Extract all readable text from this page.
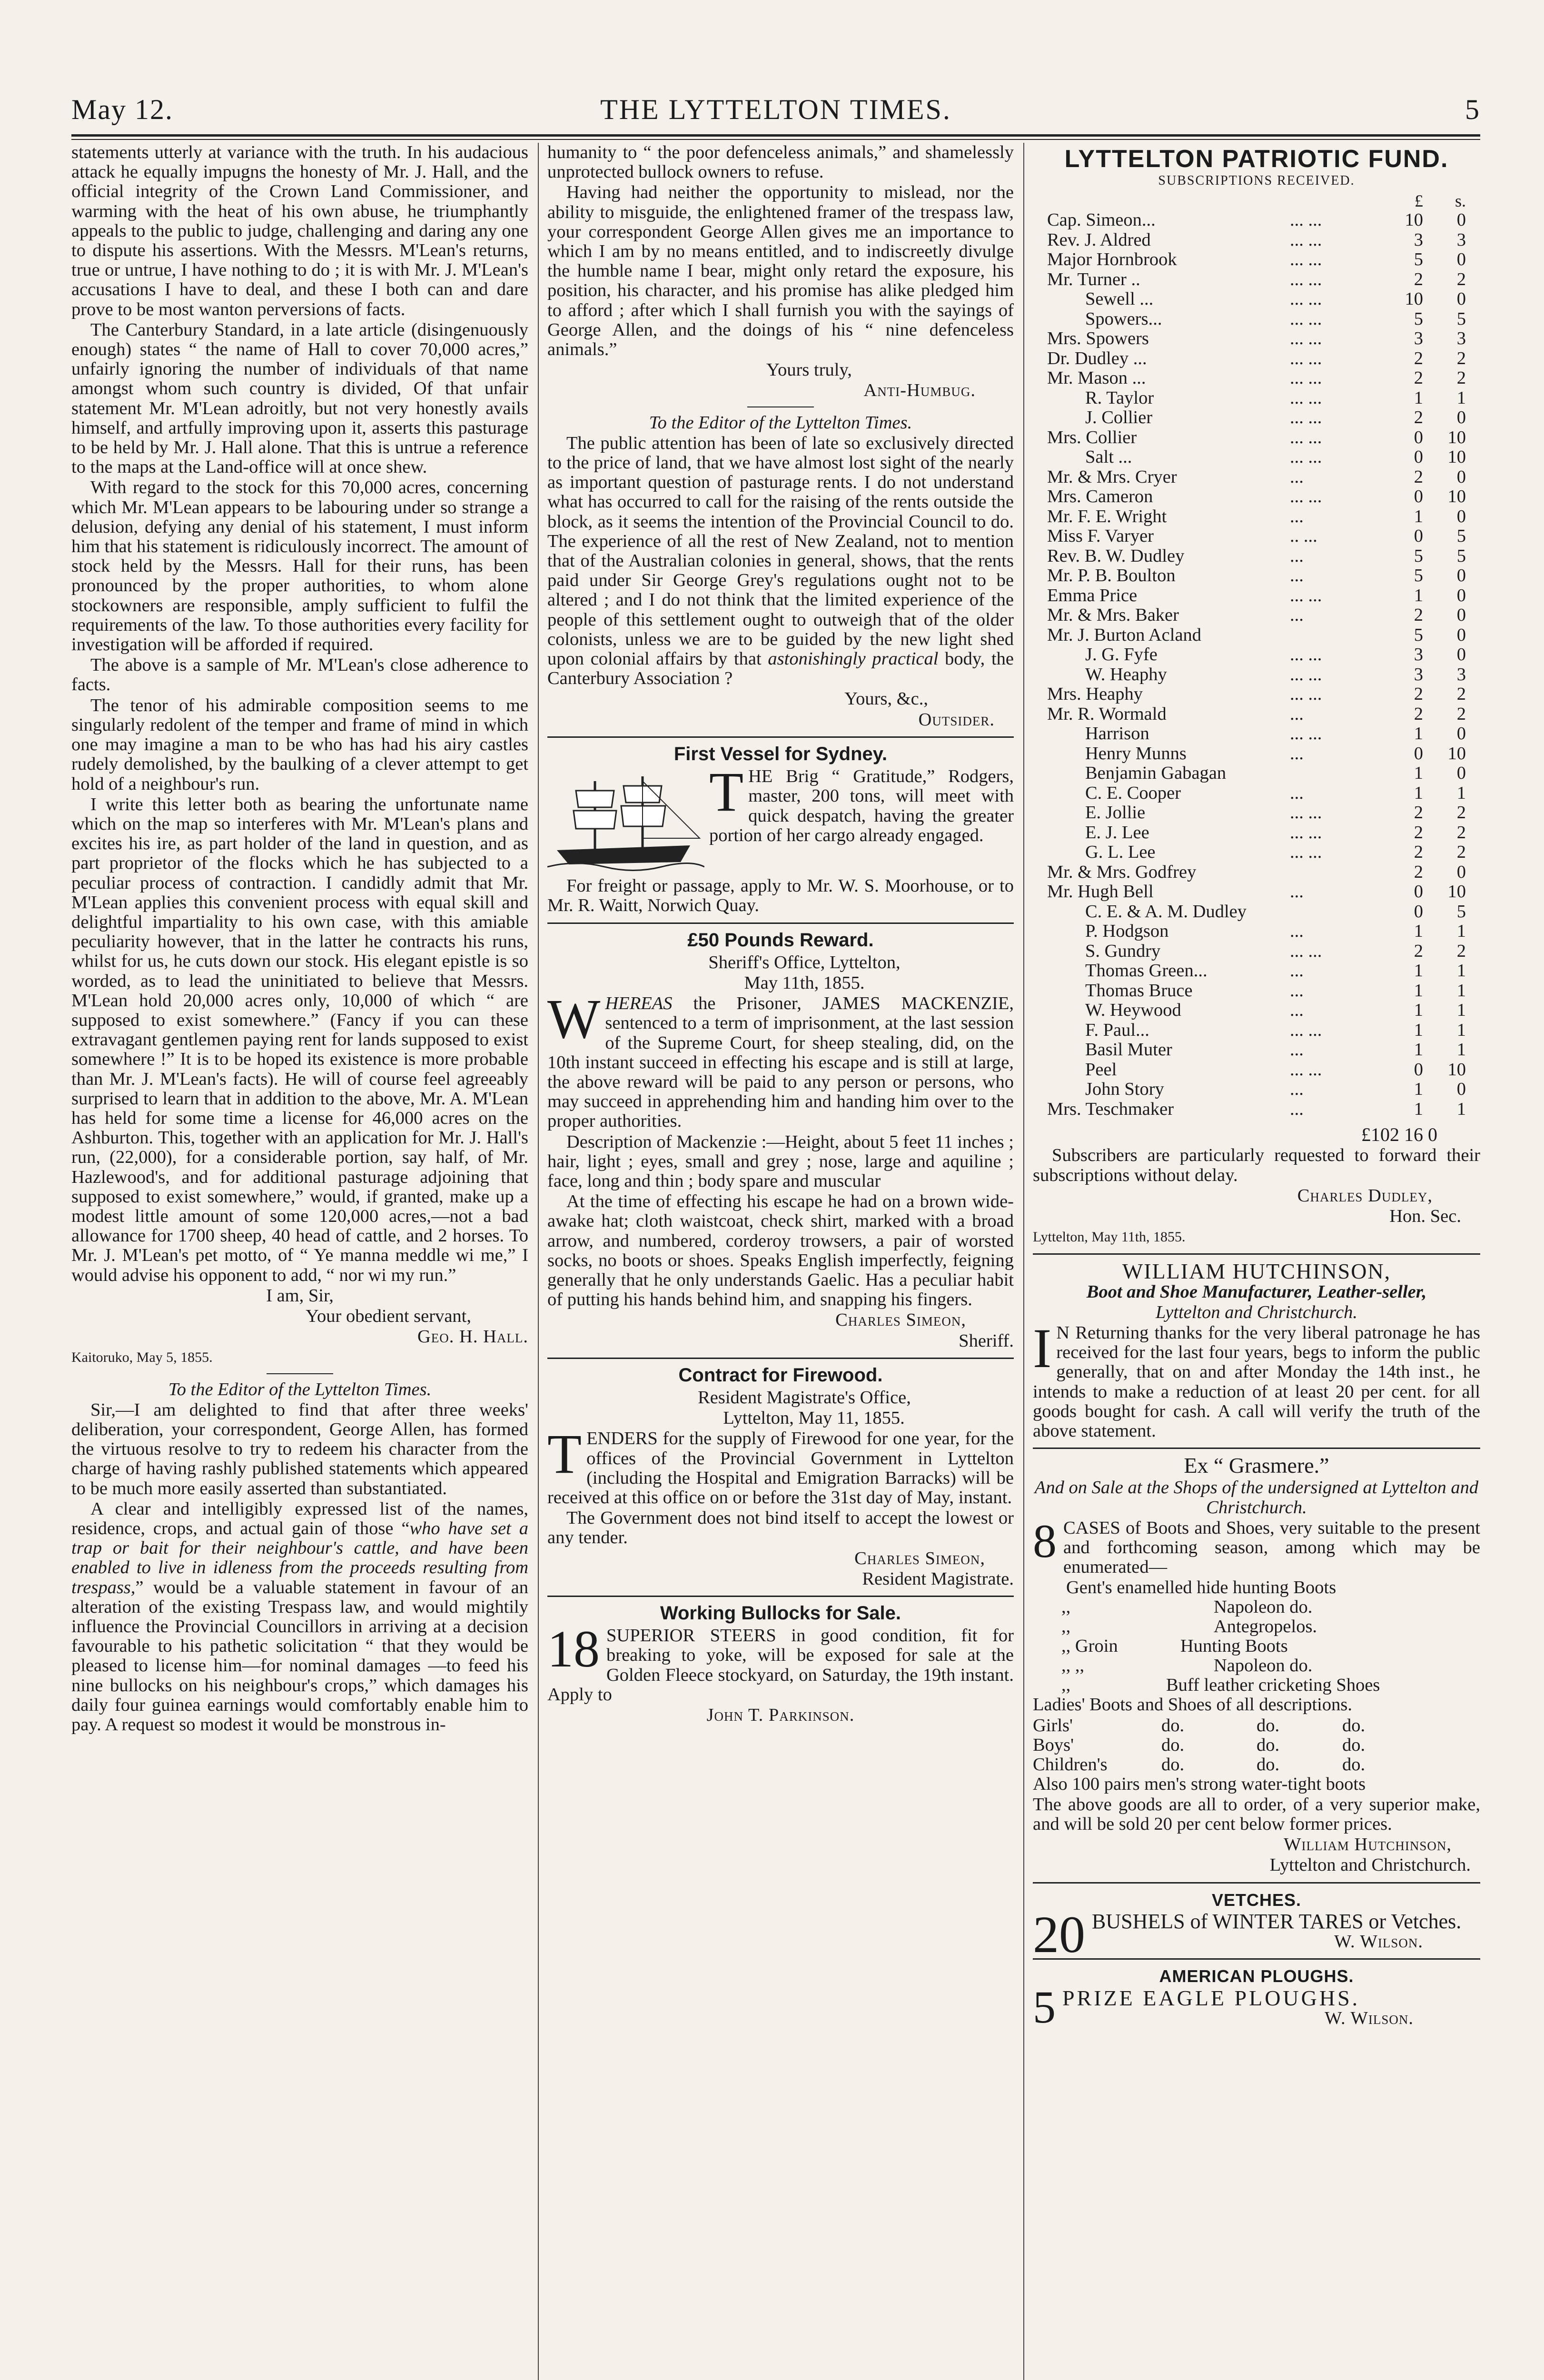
THE LYTTELTON TIMES.
May 12.	5

statements utterly at variance with the truth. In his audacious attack he equally impugns the honesty of Mr. J. Hall, and the official integrity of the Crown Land Commissioner, and warming with the heat of his own abuse, he triumphantly appeals to the public to judge, challenging and daring any one to dispute his assertions. With the Messrs. M'Lean's returns, true or untrue, I have nothing to do ; it is with Mr. J. M'Lean's accusations I have to deal, and these I both can and dare prove to be most wanton perversions of facts.

The Canterbury Standard, in a late article (disingenuously enough) states “ the name of Hall to cover 70,000 acres,” unfairly ignoring the number of individuals of that name amongst whom such country is divided, Of that unfair statement Mr. M'Lean adroitly, but not very honestly avails himself, and artfully improving upon it, asserts this pasturage to be held by Mr. J. Hall alone. That this is untrue a reference to the maps at the Land-office will at once shew.

With regard to the stock for this 70,000 acres, concerning which Mr. M'Lean appears to be labouring under so strange a delusion, defying any denial of his statement, I must inform him that his statement is ridiculously incorrect. The amount of stock held by the Messrs. Hall for their runs, has been pronounced by the proper authorities, to whom alone stockowners are responsible, amply sufficient to fulfil the requirements of the law. To those authorities every facility for investigation will be afforded if required.

The above is a sample of Mr. M'Lean's close adherence to facts.

The tenor of his admirable composition seems to me singularly redolent of the temper and frame of mind in which one may imagine a man to be who has had his airy castles rudely demolished, by the baulking of a clever attempt to get hold of a neighbour's run.

I write this letter both as bearing the unfortunate name which on the map so interferes with Mr. M'Lean's plans and excites his ire, as part holder of the land in question, and as part proprietor of the flocks which he has subjected to a peculiar process of contraction. I candidly admit that Mr. M'Lean applies this convenient process with equal skill and delightful impartiality to his own case, with this amiable peculiarity however, that in the latter he contracts his runs, whilst for us, he cuts down our stock. His elegant epistle is so worded, as to lead the uninitiated to believe that Messrs. M'Lean hold 20,000 acres only, 10,000 of which “ are supposed to exist somewhere.” (Fancy if you can these extravagant gentlemen paying rent for lands supposed to exist somewhere !” It is to be hoped its existence is more probable than Mr. J. M'Lean's facts). He will of course feel agreeably surprised to learn that in addition to the above, Mr. A. M'Lean has held for some time a license for 46,000 acres on the Ashburton. This, together with an application for Mr. J. Hall's run, (22,000), for a considerable portion, say half, of Mr. Hazlewood's, and for additional pasturage adjoining that supposed to exist somewhere,” would, if granted, make up a modest little amount of some 120,000 acres,—not a bad allowance for 1700 sheep, 40 head of cattle, and 2 horses. To Mr. J. M'Lean's pet motto, of “ Ye manna meddle wi me,” I would advise his opponent to add, “ nor wi my run.”

I am, Sir,

Your obedient servant,

Geo. H. Hall.

Kaitoruko, May 5, 1855.

To the Editor of the Lyttelton Times.

Sir,—I am delighted to find that after three weeks' deliberation, your correspondent, George Allen, has formed the virtuous resolve to try to redeem his character from the charge of having rashly published statements which appeared to be much more easily asserted than substantiated.

A clear and intelligibly expressed list of the names, residence, crops, and actual gain of those “who have set a trap or bait for their neighbour's cattle, and have been enabled to live in idleness from the proceeds resulting from trespass,” would be a valuable statement in favour of an alteration of the existing Trespass law, and would mightily influence the Provincial Councillors in arriving at a decision favourable to his pathetic solicitation “ that they would be pleased to license him—for nominal damages —to feed his nine bullocks on his neighbour's crops,” which damages his daily four guinea earnings would comfortably enable him to pay. A request so modest it would be monstrous in-

humanity to “ the poor defenceless animals,” and shamelessly unprotected bullock owners to refuse.

Having had neither the opportunity to mislead, nor the ability to misguide, the enlightened framer of the trespass law, your correspondent George Allen gives me an importance to which I am by no means entitled, and to indiscreetly divulge the humble name I bear, might only retard the exposure, his position, his character, and his promise has alike pledged him to afford ; after which I shall furnish you with the sayings of George Allen, and the doings of his “ nine defenceless animals.”

Yours truly,

Anti-Humbug.

To the Editor of the Lyttelton Times.

The public attention has been of late so exclusively directed to the price of land, that we have almost lost sight of the nearly as important question of pasturage rents. I do not understand what has occurred to call for the raising of the rents outside the block, as it seems the intention of the Provincial Council to do. The experience of all the rest of New Zealand, not to mention that of the Australian colonies in general, shows, that the rents paid under Sir George Grey's regulations ought not to be altered ; and I do not think that the limited experience of the people of this settlement ought to outweigh that of the older colonists, unless we are to be guided by the new light shed upon colonial affairs by that astonishingly practical body, the Canterbury Association ?

Yours, &c.,

Outsider.

First Vessel for Sydney.
T HE Brig “ Gratitude,” Rodgers, master, 200 tons, will meet with quick despatch, having the greater portion of her cargo already engaged.

For freight or passage, apply to Mr. W. S. Moorhouse, or to Mr. R. Waitt, Norwich Quay.

£50 Pounds Reward.

Sheriff's Office, Lyttelton,

May 11th, 1855.

W HEREAS the Prisoner, JAMES MACKENZIE, sentenced to a term of imprisonment, at the last session of the Supreme Court, for sheep stealing, did, on the 10th instant succeed in effecting his escape and is still at large, the above reward will be paid to any person or persons, who may succeed in apprehending him and handing him over to the proper authorities.

Description of Mackenzie :—Height, about 5 feet 11 inches ; hair, light ; eyes, small and grey ; nose, large and aquiline ; face, long and thin ; body spare and muscular

At the time of effecting his escape he had on a brown wide-awake hat; cloth waistcoat, check shirt, marked with a broad arrow, and numbered, corderoy trowsers, a pair of worsted socks, no boots or shoes. Speaks English imperfectly, feigning generally that he only understands Gaelic. Has a peculiar habit of putting his hands behind him, and snapping his fingers.

Charles Simeon,

Sheriff.

Contract for Firewood.

Resident Magistrate's Office,

Lyttelton, May 11, 1855.

T ENDERS for the supply of Firewood for one year, for the offices of the Provincial Government in Lyttelton (including the Hospital and Emigration Barracks) will be received at this office on or before the 31st day of May, instant.

The Government does not bind itself to accept the lowest or any tender.

Charles Simeon,

Resident Magistrate.

Working Bullocks for Sale.
18 SUPERIOR STEERS in good condition, fit for breaking to yoke, will be exposed for sale at the Golden Fleece stockyard, on Saturday, the 19th instant. Apply to

John T. Parkinson.

LYTTELTON PATRIOTIC FUND.
SUBSCRIPTIONS RECEIVED.
£	s.
Cap. Simeon...	... ...	10	0
Rev. J. Aldred	... ...	3	3
Major Hornbrook	... ...	5	0
Mr. Turner ..	... ...	2	2
Sewell ...	... ...	10	0
Spowers...	... ...	5	5
Mrs. Spowers	... ...	3	3
Dr. Dudley ...	... ...	2	2
Mr. Mason ...	... ...	2	2
R. Taylor	... ...	1	1
J. Collier	... ...	2	0
Mrs. Collier	... ...	0	10
Salt ...	... ...	0	10
Mr. & Mrs. Cryer	...	2	0
Mrs. Cameron	... ...	0	10
Mr. F. E. Wright	...	1	0
Miss F. Varyer	.. ...	0	5
Rev. B. W. Dudley	...	5	5
Mr. P. B. Boulton	...	5	0
Emma Price	... ...	1	0
Mr. & Mrs. Baker	...	2	0
Mr. J. Burton Acland	5	0
J. G. Fyfe	... ...	3	0
W. Heaphy	... ...	3	3
Mrs. Heaphy	... ...	2	2
Mr. R. Wormald	...	2	2
Harrison	... ...	1	0
Henry Munns	...	0	10
Benjamin Gabagan	1	0
C. E. Cooper	...	1	1
E. Jollie	... ...	2	2
E. J. Lee	... ...	2	2
G. L. Lee	... ...	2	2
Mr. & Mrs. Godfrey	2	0
Mr. Hugh Bell	...	0	10
C. E. & A. M. Dudley	0	5
P. Hodgson	...	1	1
S. Gundry	... ...	2	2
Thomas Green...	...	1	1
Thomas Bruce	...	1	1
W. Heywood	...	1	1
F. Paul...	... ...	1	1
Basil Muter	...	1	1
Peel	... ...	0	10
John Story	...	1	0
Mrs. Teschmaker	...	1	1
£102 16 0

Subscribers are particularly requested to forward their subscriptions without delay.

Charles Dudley,

Hon. Sec.

Lyttelton, May 11th, 1855.

WILLIAM HUTCHINSON,

Boot and Shoe Manufacturer, Leather-seller,

Lyttelton and Christchurch.

I N Returning thanks for the very liberal patronage he has received for the last four years, begs to inform the public generally, that on and after Monday the 14th inst., he intends to make a reduction of at least 20 per cent. for all goods bought for cash. A call will verify the truth of the above statement.

Ex “ Grasmere.”

And on Sale at the Shops of the undersigned at Lyttelton and Christchurch.

8 CASES of Boots and Shoes, very suitable to the present and forthcoming season, among which may be enumerated—

Gent's enamelled hide hunting Boots
,,	Napoleon do.
,,	Antegropelos.
,, Groin	Hunting Boots
,, ,,	Napoleon do.
,,	Buff leather cricketing Shoes

Ladies' Boots and Shoes of all descriptions.

Girls'	do.	do.	do.
Boys'	do.	do.	do.
Children's	do.	do.	do.

Also 100 pairs men's strong water-tight boots

The above goods are all to order, of a very superior make, and will be sold 20 per cent below former prices.

William Hutchinson,

Lyttelton and Christchurch.

VETCHES.
20 BUSHELS of WINTER TARES or Vetches.

W. Wilson.

AMERICAN PLOUGHS.
5 PRIZE EAGLE PLOUGHS.

W. Wilson.
